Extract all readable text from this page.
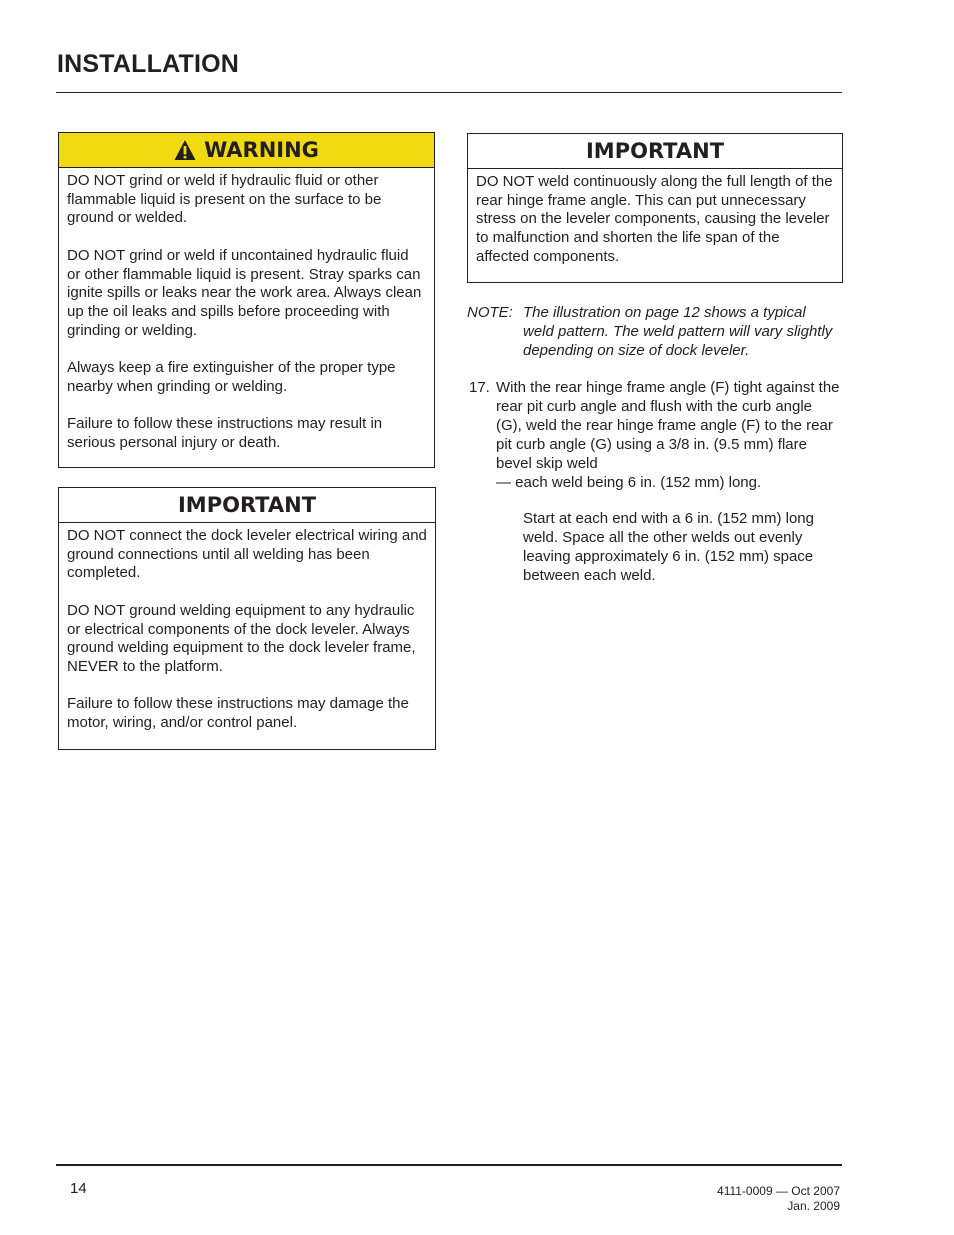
INSTALLATION
WARNING

DO NOT grind or weld if hydraulic fluid or other flammable liquid is present on the surface to be ground or welded.

DO NOT grind or weld if uncontained hydraulic fluid or other flammable liquid is present. Stray sparks can ignite spills or leaks near the work area. Always clean up the oil leaks and spills before proceeding with grinding or welding.

Always keep a fire extinguisher of the proper type nearby when grinding or welding.

Failure to follow these instructions may result in serious personal injury or death.

IMPORTANT

DO NOT connect the dock leveler electrical wiring and ground connections until all welding has been completed.

DO NOT ground welding equipment to any hydraulic or electrical components of the dock leveler. Always ground welding equipment to the dock leveler frame, NEVER to the platform.

Failure to follow these instructions may damage the motor, wiring, and/or control panel.

IMPORTANT

DO NOT weld continuously along the full length of the rear hinge frame angle. This can put unnecessary stress on the leveler components, causing the leveler to malfunction and shorten the life span of the affected components.

NOTE: The illustration on page 12 shows a typical weld pattern. The weld pattern will vary slightly depending on size of dock leveler.
17. With the rear hinge frame angle (F) tight against the rear pit curb angle and flush with the curb angle (G), weld the rear hinge frame angle (F) to the rear pit curb angle (G) using a 3/8 in. (9.5 mm) flare bevel skip weld

— each weld being 6 in. (152 mm) long.

Start at each end with a 6 in. (152 mm) long weld. Space all the other welds out evenly leaving approximately 6 in. (152 mm) space between each weld.

14	4111-0009 — Oct 2007
Jan. 2009
